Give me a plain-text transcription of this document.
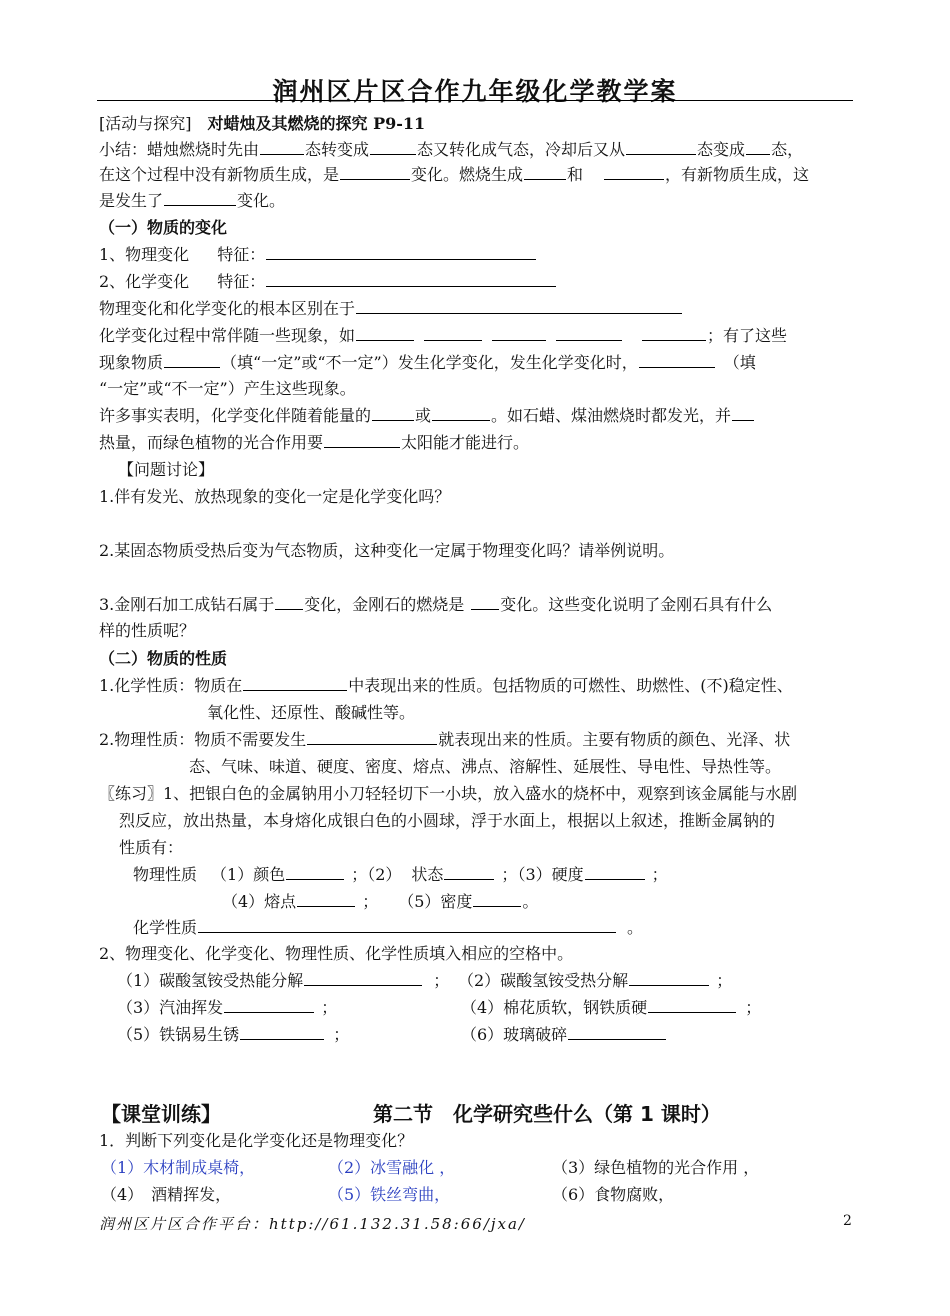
润州区片区合作九年级化学教学案
[活动与探究] 对蜡烛及其燃烧的探究 P9-11
小结：蜡烛燃烧时先由	态转变成	态又转化成气态，冷却后又从	态变成 态，
在这个过程中没有新物质生成，是	变化。燃烧生成	和	，有新物质生成，这
是发生了	变化。
（一）物质的变化
1、物理变化 特征：
2、化学变化 特征：
物理变化和化学变化的根本区别在于
化学变化过程中常伴随一些现象，如	；有了这些
现象物质	（填“一定”或“不一定”）发生化学变化，发生化学变化时，	（填
“一定”或“不一定”）产生这些现象。
许多事实表明，化学变化伴随着能量的	或	。如石蜡、煤油燃烧时都发光，并
热量，而绿色植物的光合作用要	太阳能才能进行。
【问题讨论】
1.伴有发光、放热现象的变化一定是化学变化吗？
2.某固态物质受热后变为气态物质，这种变化一定属于物理变化吗？请举例说明。
3.金刚石加工成钻石属于 变化，金刚石的燃烧是 变化。这些变化说明了金刚石具有什么
样的性质呢？
（二）物质的性质
1.化学性质：物质在	中表现出来的性质。包括物质的可燃性、助燃性、(不)稳定性、
氧化性、还原性、酸碱性等。
2.物理性质：物质不需要发生	就表现出来的性质。主要有物质的颜色、光泽、状
态、气味、味道、硬度、密度、熔点、沸点、溶解性、延展性、导电性、导热性等。
〖练习〗1、把银白色的金属钠用小刀轻轻切下一小块，放入盛水的烧杯中，观察到该金属能与水剧
烈反应，放出热量，本身熔化成银白色的小圆球，浮于水面上，根据以上叙述，推断金属钠的
性质有：
物理性质 （1）颜色	；（2） 状态	；（3）硬度	；
（4）熔点	； （5）密度	。
化学性质	。
2、物理变化、化学变化、物理性质、化学性质填入相应的空格中。
（1）碳酸氢铵受热能分解	； （2）碳酸氢铵受热分解	；
（3）汽油挥发	；	（4）棉花质软，钢铁质硬	；
（5）铁锅易生锈	；	（6）玻璃破碎
【课堂训练】	第二节　化学研究些什么（第 1 课时）
1．判断下列变化是化学变化还是物理变化？
（1）木材制成桌椅，	（2）冰雪融化 ，	（3）绿色植物的光合作用 ，
（4）　酒精挥发，	（5）铁丝弯曲，	（6）食物腐败，
润州区片区合作平台：http://61.132.31.58:66/jxa/	2
